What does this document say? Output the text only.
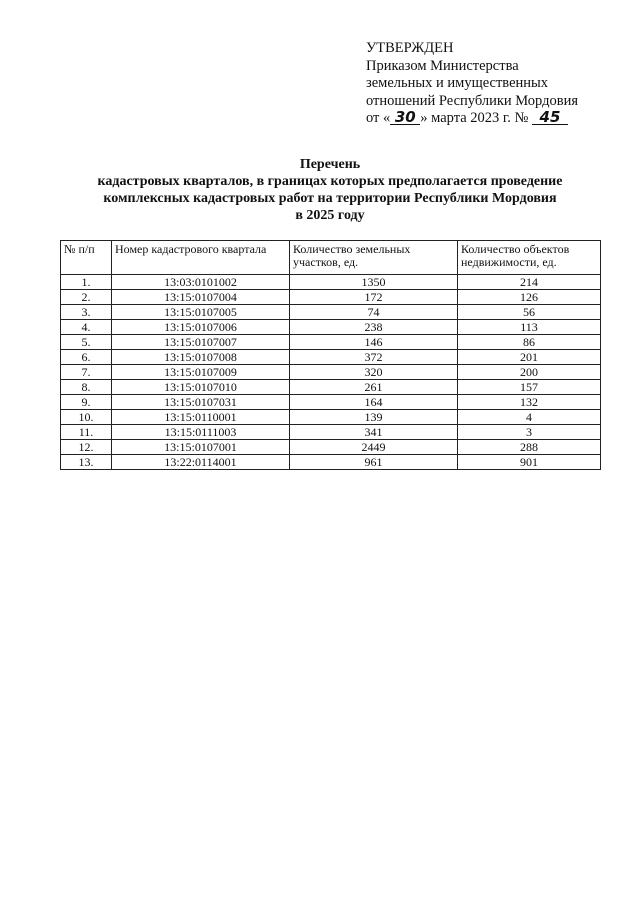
УТВЕРЖДЕН
Приказом Министерства
земельных и имущественных
отношений Республики Мордовия
от « 30 » марта 2023 г. № 45
Перечень
кадастровых кварталов, в границах которых предполагается проведение
комплексных кадастровых работ на территории Республики Мордовия
в 2025 году
№ п/п	Номер кадастрового квартала	Количество земельных участков, ед.	Количество объектов недвижимости, ед.
1.	13:03:0101002	1350	214
2.	13:15:0107004	172	126
3.	13:15:0107005	74	56
4.	13:15:0107006	238	113
5.	13:15:0107007	146	86
6.	13:15:0107008	372	201
7.	13:15:0107009	320	200
8.	13:15:0107010	261	157
9.	13:15:0107031	164	132
10.	13:15:0110001	139	4
11.	13:15:0111003	341	3
12.	13:15:0107001	2449	288
13.	13:22:0114001	961	901
